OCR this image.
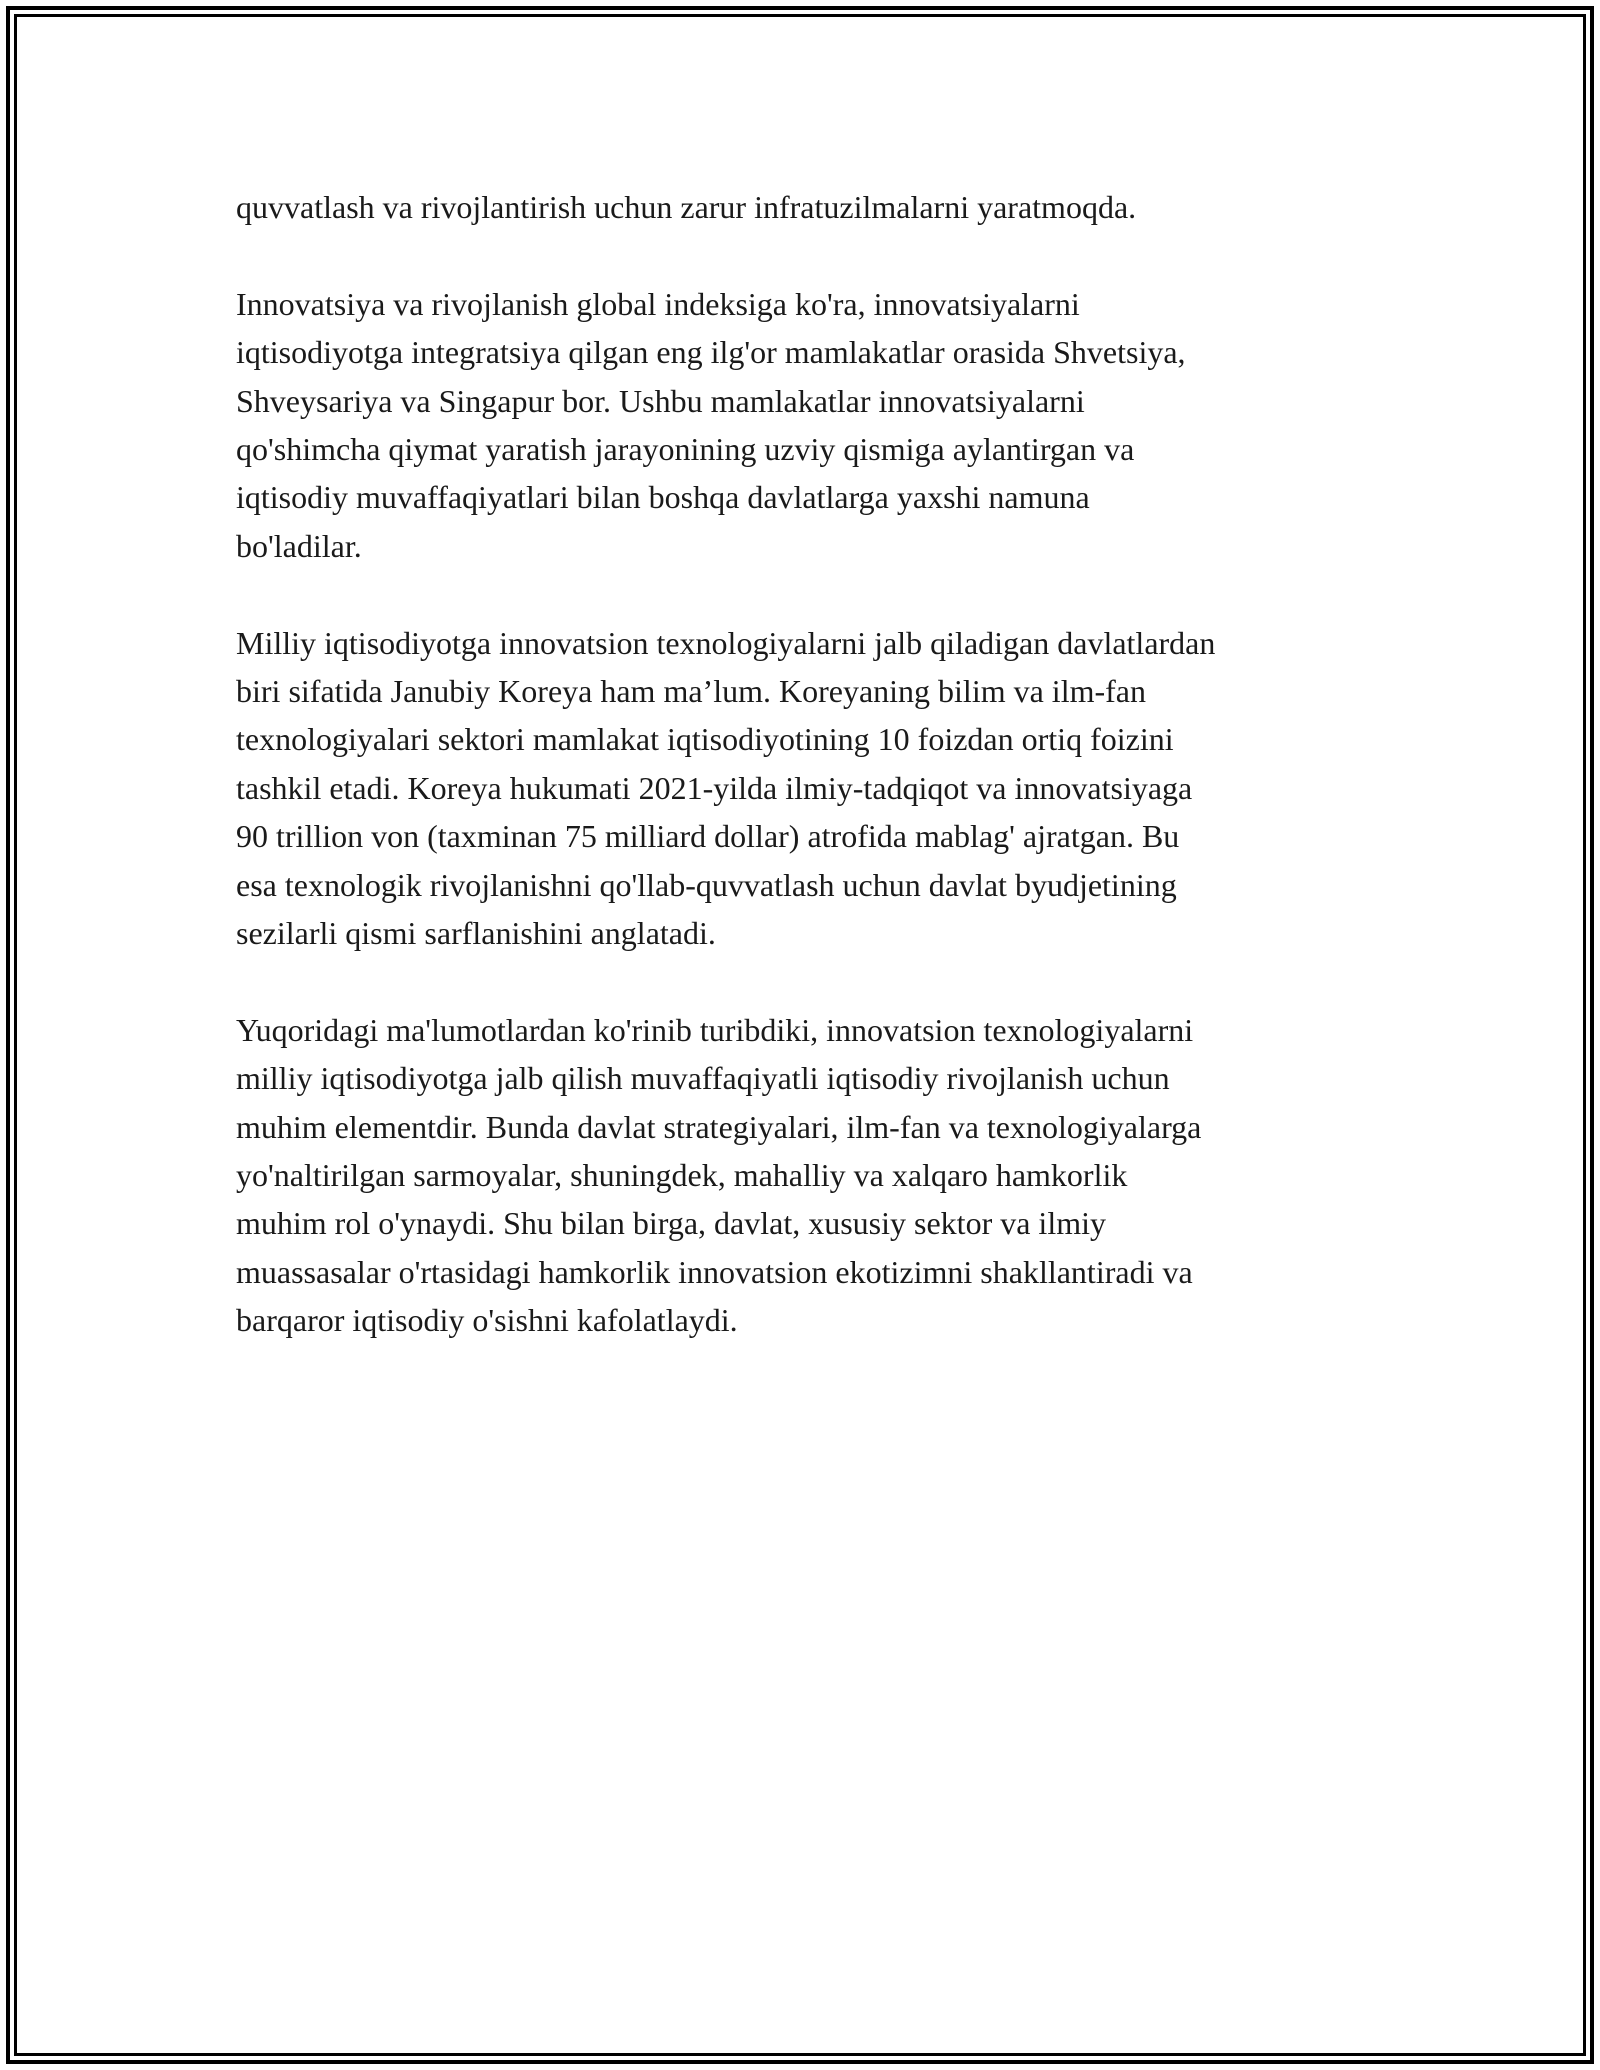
quvvatlash va rivojlantirish uchun zarur infratuzilmalarni yaratmoqda.

Innovatsiya va rivojlanish global indeksiga ko'ra, innovatsiyalarni
iqtisodiyotga integratsiya qilgan eng ilg'or mamlakatlar orasida Shvetsiya,
Shveysariya va Singapur bor. Ushbu mamlakatlar innovatsiyalarni
qo'shimcha qiymat yaratish jarayonining uzviy qismiga aylantirgan va
iqtisodiy muvaffaqiyatlari bilan boshqa davlatlarga yaxshi namuna
bo'ladilar.

Milliy iqtisodiyotga innovatsion texnologiyalarni jalb qiladigan davlatlardan
biri sifatida Janubiy Koreya ham ma’lum. Koreyaning bilim va ilm-fan
texnologiyalari sektori mamlakat iqtisodiyotining 10 foizdan ortiq foizini
tashkil etadi. Koreya hukumati 2021-yilda ilmiy-tadqiqot va innovatsiyaga
90 trillion von (taxminan 75 milliard dollar) atrofida mablag' ajratgan. Bu
esa texnologik rivojlanishni qo'llab-quvvatlash uchun davlat byudjetining
sezilarli qismi sarflanishini anglatadi.

Yuqoridagi ma'lumotlardan ko'rinib turibdiki, innovatsion texnologiyalarni
milliy iqtisodiyotga jalb qilish muvaffaqiyatli iqtisodiy rivojlanish uchun
muhim elementdir. Bunda davlat strategiyalari, ilm-fan va texnologiyalarga
yo'naltirilgan sarmoyalar, shuningdek, mahalliy va xalqaro hamkorlik
muhim rol o'ynaydi. Shu bilan birga, davlat, xususiy sektor va ilmiy
muassasalar o'rtasidagi hamkorlik innovatsion ekotizimni shakllantiradi va
barqaror iqtisodiy o'sishni kafolatlaydi.
